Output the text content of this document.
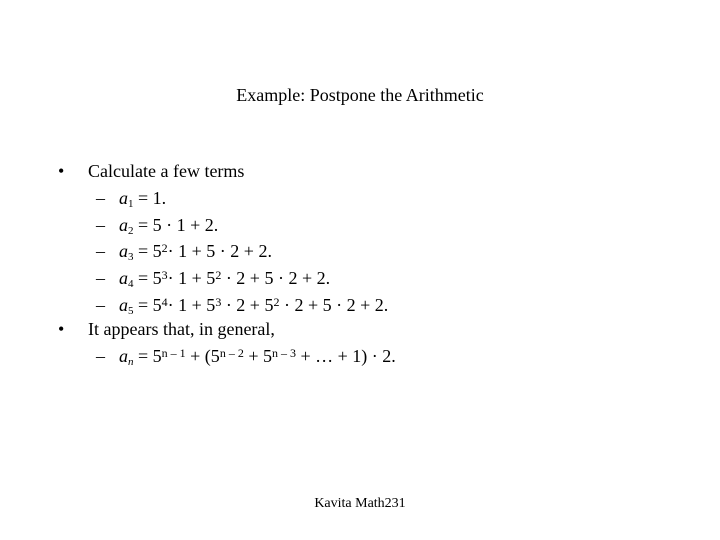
Example: Postpone the Arithmetic
• Calculate a few terms
– $a_1 = 1$.
– $a_2 = 5 \cdot 1 + 2$.
– $a_3 = 5^2\cdot 1 + 5 \cdot 2 + 2$.
– $a_4 = 5^3\cdot 1 + 5^2 \cdot 2 + 5 \cdot 2 + 2$.
– $a_5 = 5^4\cdot 1 + 5^3 \cdot 2 + 5^2 \cdot 2 + 5 \cdot 2 + 2$.
• It appears that, in general,
– $a_n = 5^{n - 1} + (5^{n - 2} + 5^{n - 3}$ + … + 1) · 2.
Kavita Math231
